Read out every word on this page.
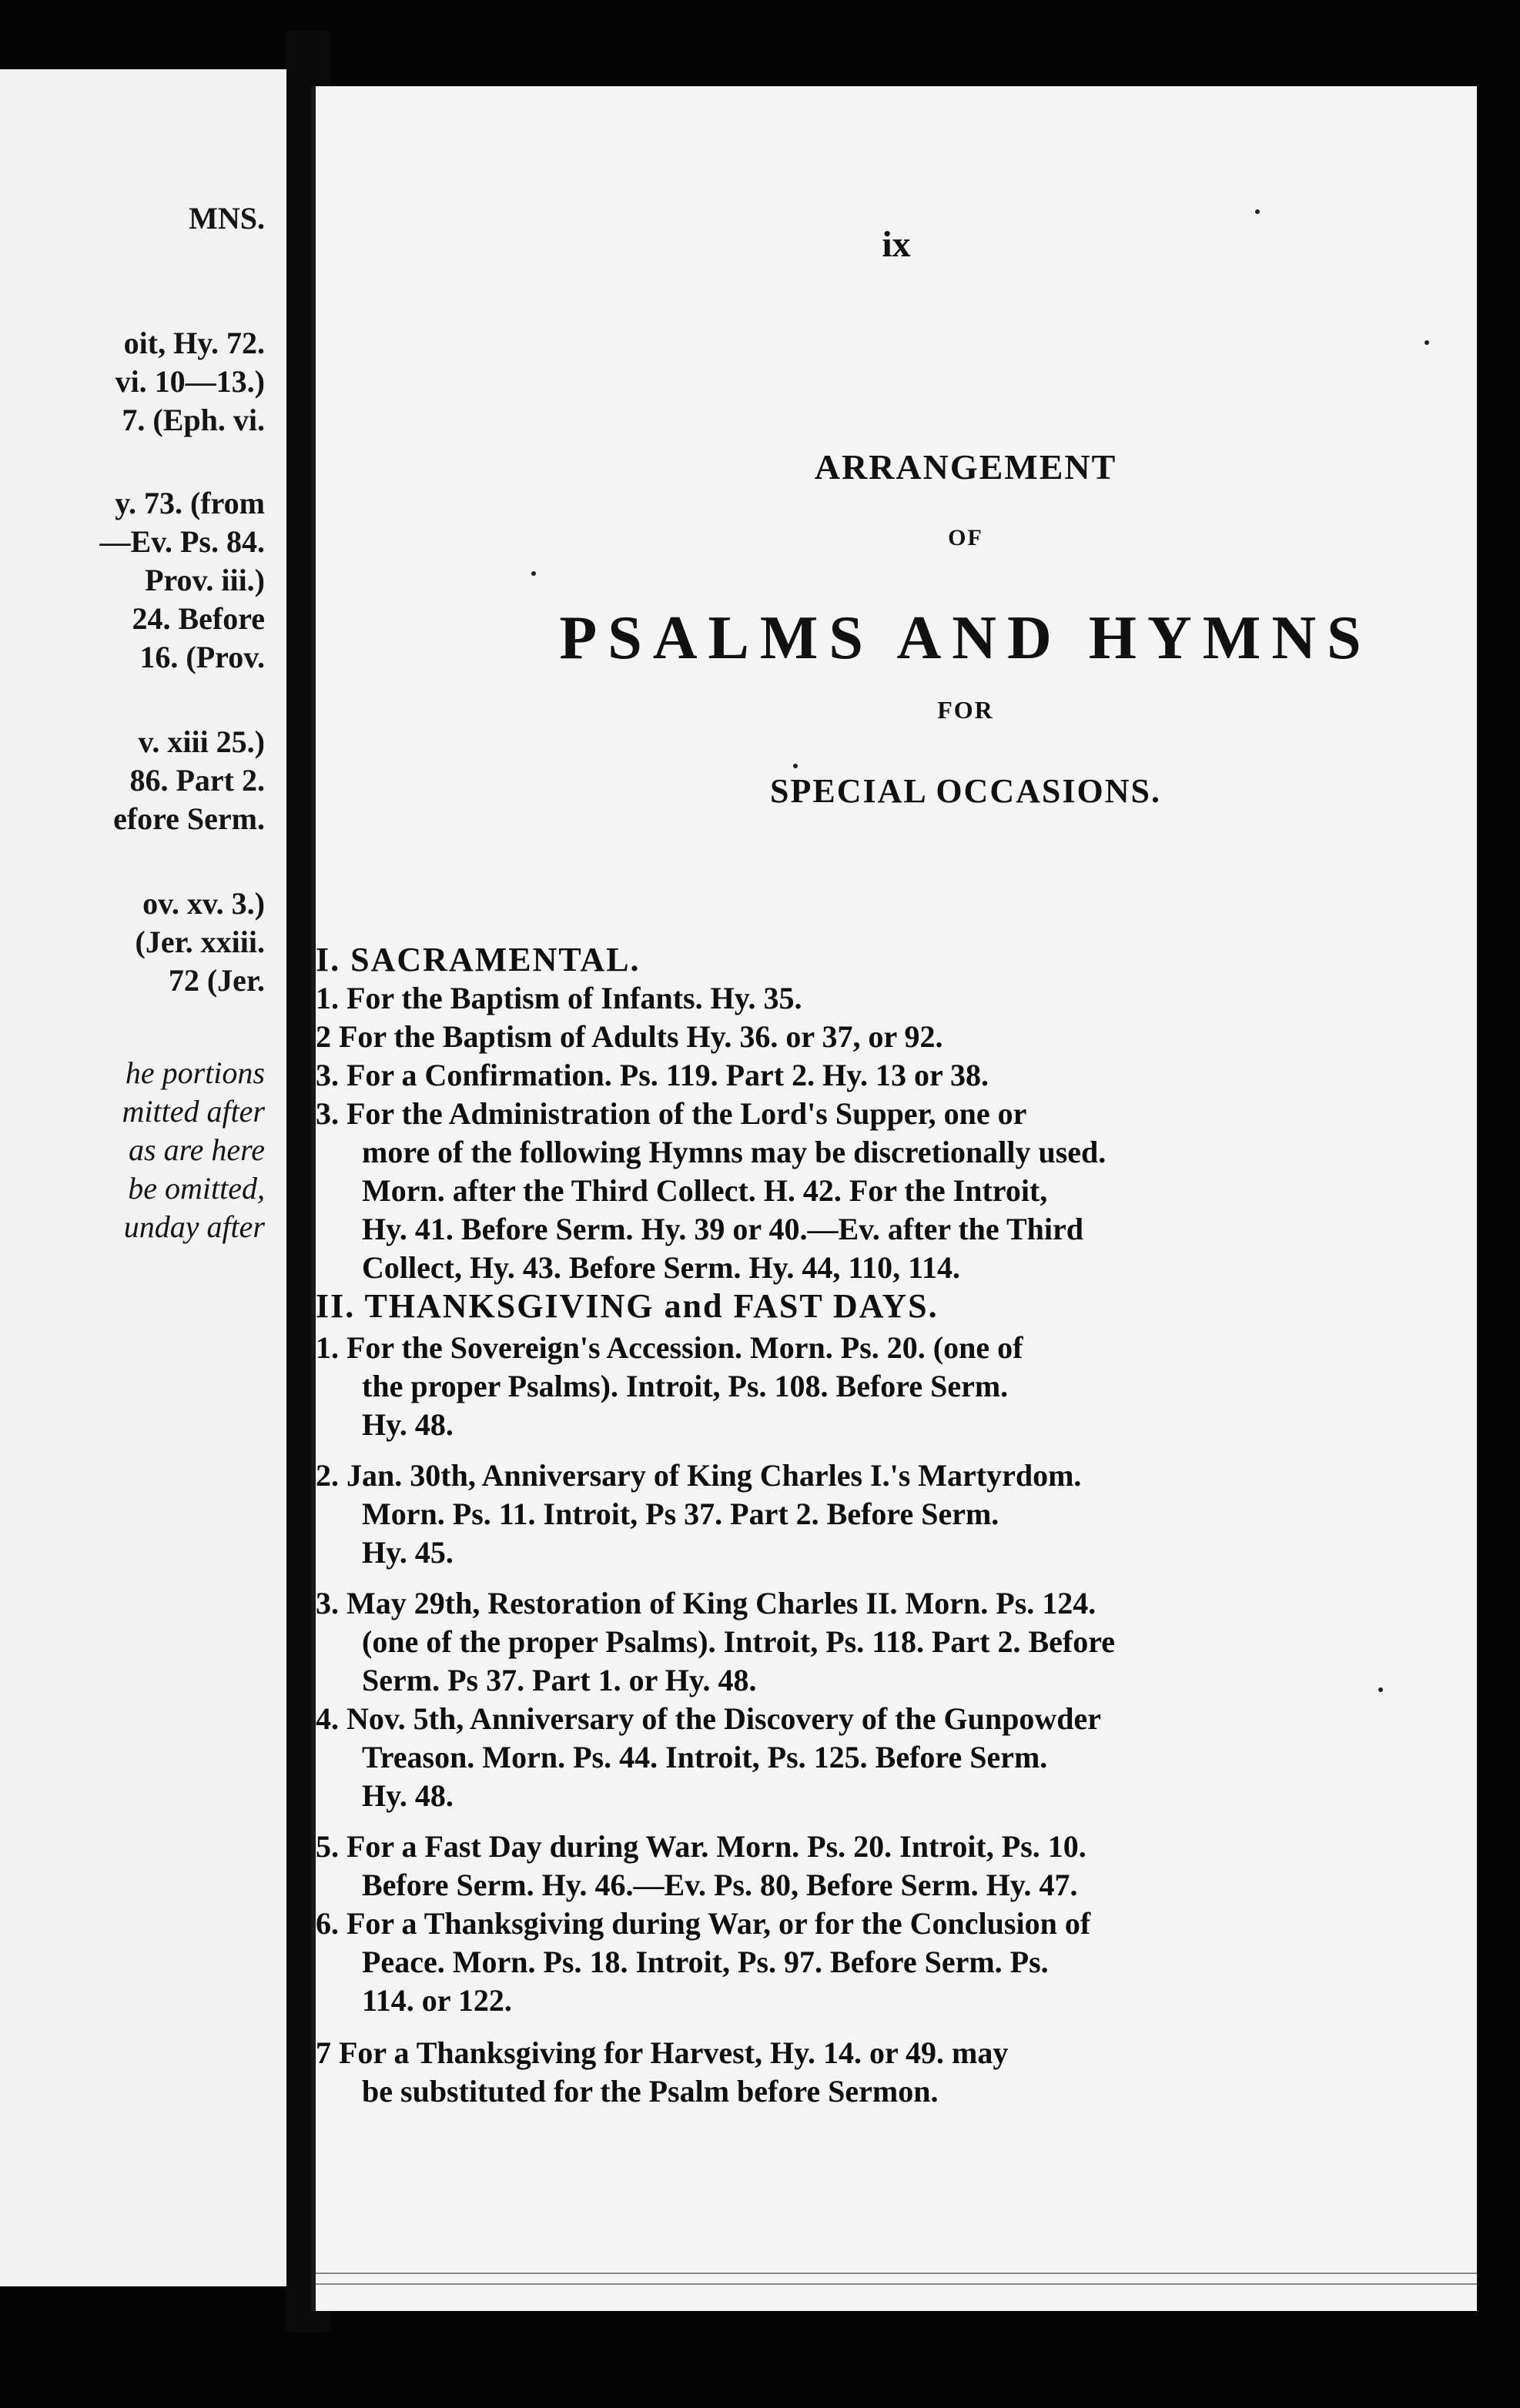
MNS.
oit, Hy. 72.
vi. 10—13.)
7. (Eph. vi.
y. 73. (from
—Ev. Ps. 84.
Prov. iii.)
24. Before
16. (Prov.
v. xiii 25.)
86. Part 2.
efore Serm.
ov. xv. 3.)
(Jer. xxiii.
72 (Jer.
he portions
mitted after
as are here
be omitted,
unday after
ix
ARRANGEMENT
OF
PSALMS AND HYMNS
FOR
SPECIAL OCCASIONS.
I. SACRAMENTAL.
1. For the Baptism of Infants. Hy. 35.
2 For the Baptism of Adults Hy. 36. or 37, or 92.
3. For a Confirmation. Ps. 119. Part 2. Hy. 13 or 38.
3. For the Administration of the Lord's Supper, one or
more of the following Hymns may be discretionally used.
Morn. after the Third Collect. H. 42. For the Introit,
Hy. 41. Before Serm. Hy. 39 or 40.—Ev. after the Third
Collect, Hy. 43. Before Serm. Hy. 44, 110, 114.
II. THANKSGIVING and FAST DAYS.
1. For the Sovereign's Accession. Morn. Ps. 20. (one of
the proper Psalms). Introit, Ps. 108. Before Serm.
Hy. 48.
2. Jan. 30th, Anniversary of King Charles I.'s Martyrdom.
Morn. Ps. 11. Introit, Ps 37. Part 2. Before Serm.
Hy. 45.
3. May 29th, Restoration of King Charles II. Morn. Ps. 124.
(one of the proper Psalms). Introit, Ps. 118. Part 2. Before
Serm. Ps 37. Part 1. or Hy. 48.
4. Nov. 5th, Anniversary of the Discovery of the Gunpowder
Treason. Morn. Ps. 44. Introit, Ps. 125. Before Serm.
Hy. 48.
5. For a Fast Day during War. Morn. Ps. 20. Introit, Ps. 10.
Before Serm. Hy. 46.—Ev. Ps. 80, Before Serm. Hy. 47.
6. For a Thanksgiving during War, or for the Conclusion of
Peace. Morn. Ps. 18. Introit, Ps. 97. Before Serm. Ps.
114. or 122.
7 For a Thanksgiving for Harvest, Hy. 14. or 49. may
be substituted for the Psalm before Sermon.
